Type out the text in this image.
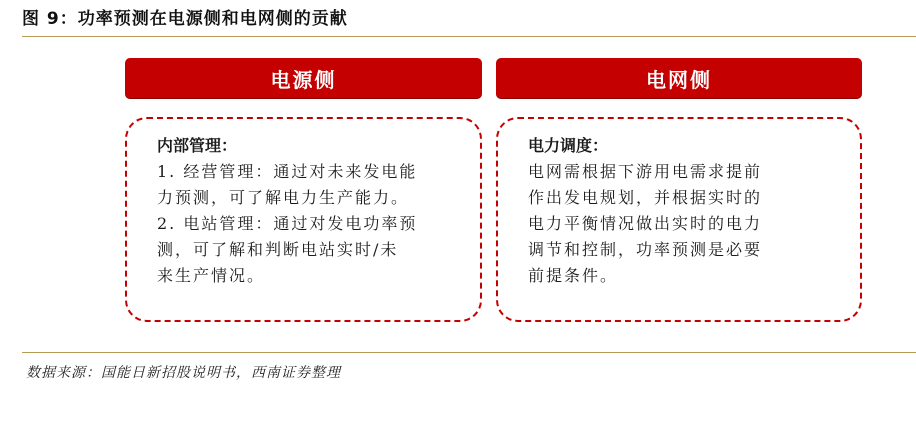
图 9：功率预测在电源侧和电网侧的贡献
电源侧	电网侧
内部管理：
1. 经营管理：通过对未来发电能
力预测，可了解电力生产能力。
2. 电站管理：通过对发电功率预
测，可了解和判断电站实时/未
来生产情况。
电力调度：
电网需根据下游用电需求提前
作出发电规划，并根据实时的
电力平衡情况做出实时的电力
调节和控制，功率预测是必要
前提条件。
数据来源：国能日新招股说明书，西南证券整理
